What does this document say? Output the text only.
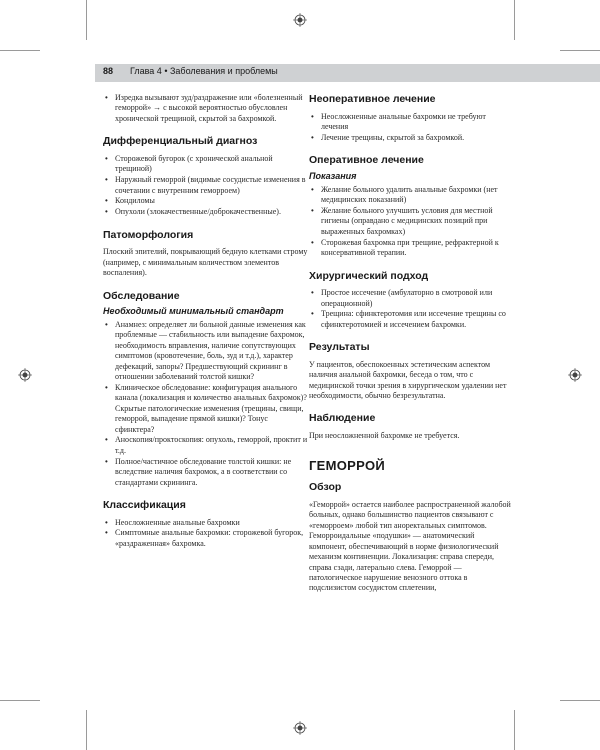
88 Глава 4 • Заболевания и проблемы
• Изредка вызывают зуд/раздражение или «болезненный геморрой» → с высокой вероятностью обусловлен хронической трещиной, скрытой за бахромкой.
Дифференциальный диагноз
• Сторожевой бугорок (с хронической анальной трещиной)
• Наружный геморрой (видимые сосудистые изменения в сочетании с внутренним геморроем)
• Кондиломы
• Опухоли (злокачественные/доброкачественные).
Патоморфология

Плоский эпителий, покрывающий бедную клетками строму (например, с минимальным количеством элементов воспаления).

Обследование
Необходимый минимальный стандарт
• Анамнез: определяет ли больной данные изменения как проблемные — стабильность или выпадение бахромок, необходимость вправления, наличие сопутствующих симптомов (кровотечение, боль, зуд и т.д.), характер дефекаций, запоры? Предшествующий скрининг в отношении заболеваний толстой кишки?
• Клиническое обследование: конфигурация анального канала (локализация и количество анальных бахромок)? Скрытые патологические изменения (трещины, свищи, геморрой, выпадение прямой кишки)? Тонус сфинктера?
• Аноскопия/проктоскопия: опухоль, геморрой, проктит и т.д.
• Полное/частичное обследование толстой кишки: не вследствие наличия бахромок, а в соответствии со стандартами скрининга.
Классификация
• Неосложненные анальные бахромки
• Симптомные анальные бахромки: сторожевой бугорок, «раздраженная» бахромка.
Неоперативное лечение
• Неосложненные анальные бахромки не требуют лечения
• Лечение трещины, скрытой за бахромкой.
Оперативное лечение
Показания
• Желание больного удалить анальные бахромки (нет медицинских показаний)
• Желание больного улучшить условия для местной гигиены (оправдано с медицинских позиций при выраженных бахромках)
• Сторожевая бахромка при трещине, рефрактерной к консервативной терапии.
Хирургический подход
• Простое иссечение (амбулаторно в смотровой или операционной)
• Трещина: сфинктеротомия или иссечение трещины со сфинктеротомией и иссечением бахромки.
Результаты

У пациентов, обеспокоенных эстетическим аспектом наличия анальной бахромки, беседа о том, что с медицинской точки зрения в хирургическом удалении нет необходимости, обычно безрезультатна.

Наблюдение

При неосложненной бахромке не требуется.

ГЕМОРРОЙ
Обзор

«Геморрой» остается наиболее распространенной жалобой больных, однако большинство пациентов связывают с «геморроем» любой тип аноректальных симптомов. Геморроидальные «подушки» — анатомический компонент, обеспечивающий в норме физиологический механизм континенции. Локализация: справа спереди, справа сзади, латерально слева. Геморрой — патологическое нарушение венозного оттока в подслизистом сосудистом сплетении,
